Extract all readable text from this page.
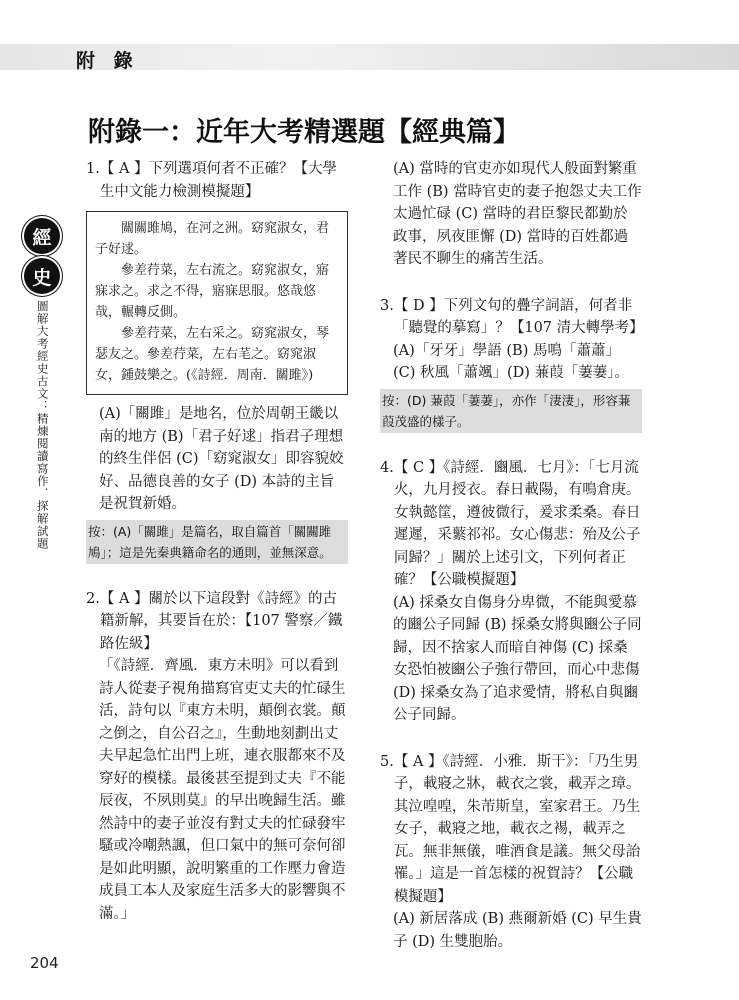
附 錄
附錄一：近年大考精選題【經典篇】
經
史
圖解大考經史古文：精煉閱讀寫作．探解試題
1. 【 A 】下列選項何者不正確？【大學生中文能力檢測模擬題】

關關雎鳩，在河之洲。窈窕淑女，君子好逑。

參差荇菜，左右流之。窈窕淑女，寤寐求之。求之不得，寤寐思服。悠哉悠哉，輾轉反側。

參差荇菜，左右采之。窈窕淑女，琴瑟友之。參差荇菜，左右芼之。窈窕淑女，鍾鼓樂之。(《詩經．周南．關雎》)

(A)「關雎」是地名，位於周朝王畿以南的地方 (B)「君子好逑」指君子理想的終生伴侶 (C)「窈窕淑女」即容貌姣好、品德良善的女子 (D) 本詩的主旨是祝賀新婚。
按：(A)「關雎」是篇名，取自篇首「關關雎鳩」；這是先秦典籍命名的通則，並無深意。
2. 【 A 】關於以下這段對《詩經》的古籍新解，其要旨在於：【107 警察／鐵路佐級】
「《詩經．齊風．東方未明》可以看到詩人從妻子視角描寫官吏丈夫的忙碌生活，詩句以『東方未明，顛倒衣裳。顛之倒之，自公召之』，生動地刻劃出丈夫早起急忙出門上班，連衣服都來不及穿好的模樣。最後甚至提到丈夫『不能辰夜，不夙則莫』的早出晚歸生活。雖然詩中的妻子並沒有對丈夫的忙碌發牢騷或冷嘲熱諷，但口氣中的無可奈何卻是如此明顯，說明繁重的工作壓力會造成員工本人及家庭生活多大的影響與不滿。」
(A) 當時的官吏亦如現代人般面對繁重工作 (B) 當時官吏的妻子抱怨丈夫工作太過忙碌 (C) 當時的君臣黎民都勤於政事，夙夜匪懈 (D) 當時的百姓都過著民不聊生的痛苦生活。
3. 【 D 】下列文句的疊字詞語，何者非「聽覺的摹寫」？【107 清大轉學考】
(A)「牙牙」學語 (B) 馬鳴「蕭蕭」(C) 秋風「蕭颯」(D) 蒹葭「萋萋」。
按：(D) 蒹葭「萋萋」，亦作「淒淒」，形容蒹葭茂盛的樣子。
4. 【 C 】《詩經．豳風．七月》：「七月流火，九月授衣。春日載陽，有鳴倉庚。女執懿筐，遵彼微行，爰求柔桑。春日遲遲，采蘩祁祁。女心傷悲：殆及公子同歸？」關於上述引文，下列何者正確？【公職模擬題】
(A) 採桑女自傷身分卑微，不能與愛慕的豳公子同歸 (B) 採桑女將與豳公子同歸，因不捨家人而暗自神傷 (C) 採桑女恐怕被豳公子強行帶回，而心中悲傷 (D) 採桑女為了追求愛情，將私自與豳公子同歸。
5. 【 A 】《詩經．小雅．斯干》：「乃生男子，載寢之牀，載衣之裳，載弄之璋。其泣喤喤，朱芾斯皇，室家君王。乃生女子，載寢之地，載衣之裼，載弄之瓦。無非無儀，唯酒食是議。無父母詒罹。」這是一首怎樣的祝賀詩？【公職模擬題】
(A) 新居落成 (B) 燕爾新婚 (C) 早生貴子 (D) 生雙胞胎。
204
